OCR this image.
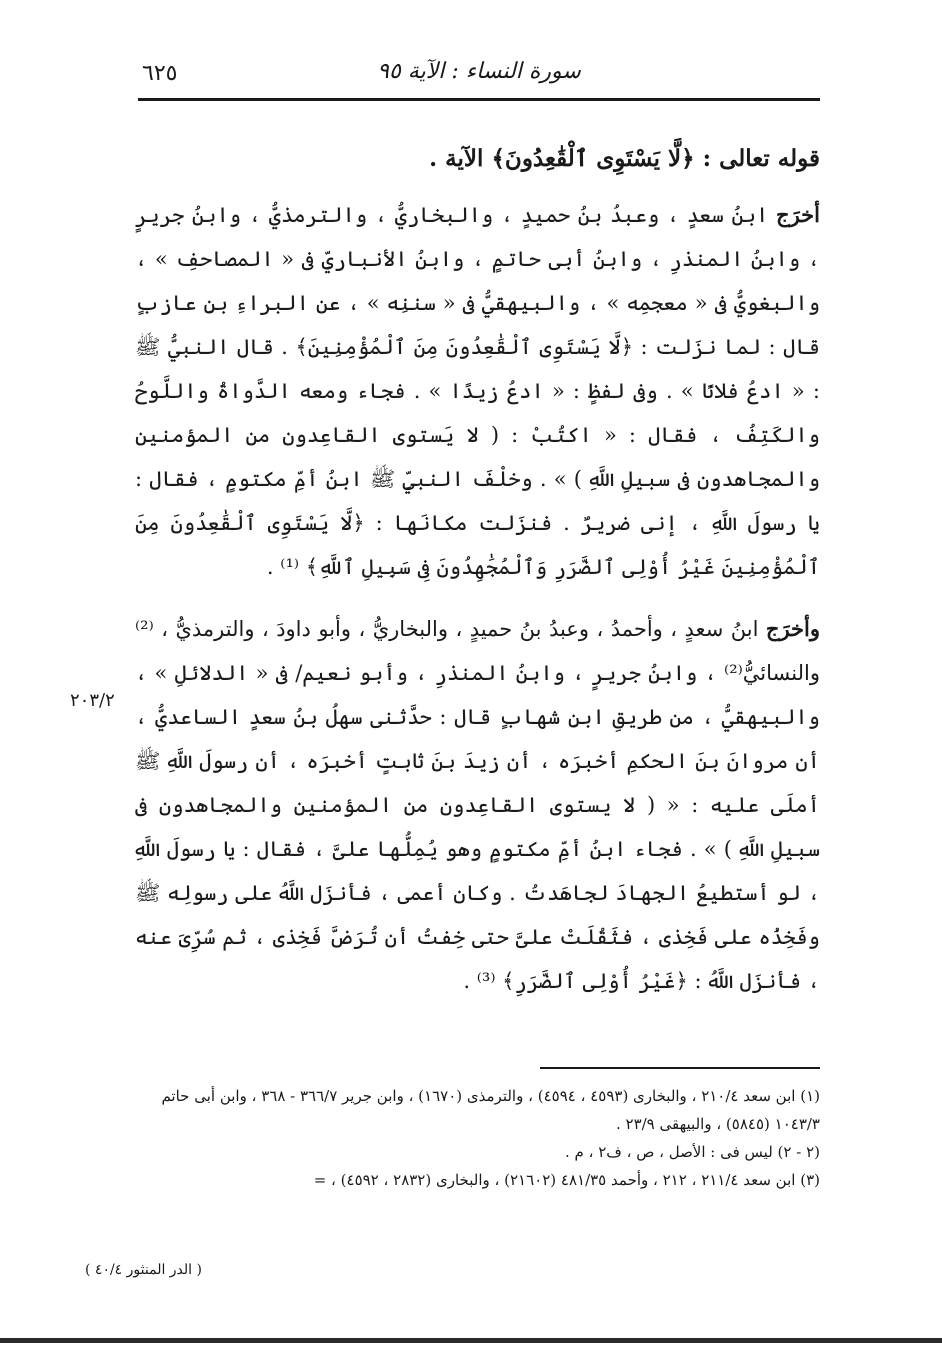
٦٢٥	سورة النساء : الآية ٩٥
قوله تعالى : ﴿لَّا يَسْتَوِى ٱلْقَٰعِدُونَ﴾ الآية .

أخرَج ابنُ سعدٍ ، وعبدُ بنُ حميدٍ ، والبخاريُّ ، والترمذيُّ ، وابنُ جريرٍ ، وابنُ المنذرِ ، وابنُ أبى حاتمٍ ، وابنُ الأنباريِّ فى « المصاحفِ » ، والبغويُّ فى « معجمِه » ، والبيهقيُّ فى « سننِه » ، عن البراءِ بنِ عازبٍ قال : لما نزَلت : ﴿لَّا يَسْتَوِى ٱلْقَٰعِدُونَ مِنَ ٱلْمُؤْمِنِينَ﴾ . قال النبيُّ ﷺ : « ادعُ فلانًا » . وفى لفظٍ : « ادعُ زيدًا » . فجاء ومعه الدَّواةُ واللَّوحُ والكَتِفُ ، فقال : « اكتُبْ : ( لا يَستوى القاعِدون من المؤمنين والمجاهدون فى سبيلِ اللَّهِ ) » . وخلْفَ النبيِّ ﷺ ابنُ أمِّ مكتومٍ ، فقال : يا رسولَ اللَّهِ ، إنى ضريرٌ . فنزَلت مكانَها : ﴿لَّا يَسْتَوِى ٱلْقَٰعِدُونَ مِنَ ٱلْمُؤْمِنِينَ غَيْرُ أُوْلِى ٱلضَّرَرِ وَٱلْمُجَٰهِدُونَ فِى سَبِيلِ ٱللَّهِ﴾ ⁽¹⁾ .

وأخرَج ابنُ سعدٍ ، وأحمدُ ، وعبدُ بنُ حميدٍ ، والبخاريُّ ، وأبو داودَ ، والترمذيُّ ، ⁽²⁾والنسائيُّ⁽²⁾ ، وابنُ جريرٍ ، وابنُ المنذرِ ، وأبو نعيم/ فى « الدلائلِ » ، والبيهقيُّ ، من طريقِ ابنِ شهابٍ قال : حدَّثنى سهلُ بنُ سعدٍ الساعديُّ ، أن مروانَ بنَ الحكمِ أخبرَه ، أن زيدَ بنَ ثابتٍ أخبرَه ، أن رسولَ اللَّهِ ﷺ أملَى عليه : « ( لا يستوى القاعِدون من المؤمنين والمجاهدون فى سبيلِ اللَّهِ ) » . فجاء ابنُ أمِّ مكتومٍ وهو يُمِلُّها علىَّ ، فقال : يا رسولَ اللَّهِ ، لو أستطيعُ الجهادَ لجاهَدتُ . وكان أعمى ، فأنزَل اللَّهُ على رسولِه ﷺ وفَخِذُه على فَخِذى ، فثَقُلَتْ علىَّ حتى خِفتُ أن تُرَضَّ فَخِذى ، ثم سُرِّىَ عنه ، فأنزَل اللَّهُ : ﴿غَيْرُ أُوْلِى ٱلضَّرَرِ﴾ ⁽³⁾ .

٢٠٣/٢

(١) ابن سعد ٢١٠/٤ ، والبخارى (٤٥٩٣ ، ٤٥٩٤) ، والترمذى (١٦٧٠) ، وابن جرير ٣٦٦/٧ - ٣٦٨ ، وابن أبى حاتم ١٠٤٣/٣ (٥٨٤٥) ، والبيهقى ٢٣/٩ .

(٢ - ٢) ليس فى : الأصل ، ص ، ف٢ ، م .

(٣) ابن سعد ٢١١/٤ ، ٢١٢ ، وأحمد ٤٨١/٣٥ (٢١٦٠٢) ، والبخارى (٢٨٣٢ ، ٤٥٩٢) ، =

( الدر المنثور ٤٠/٤ )
